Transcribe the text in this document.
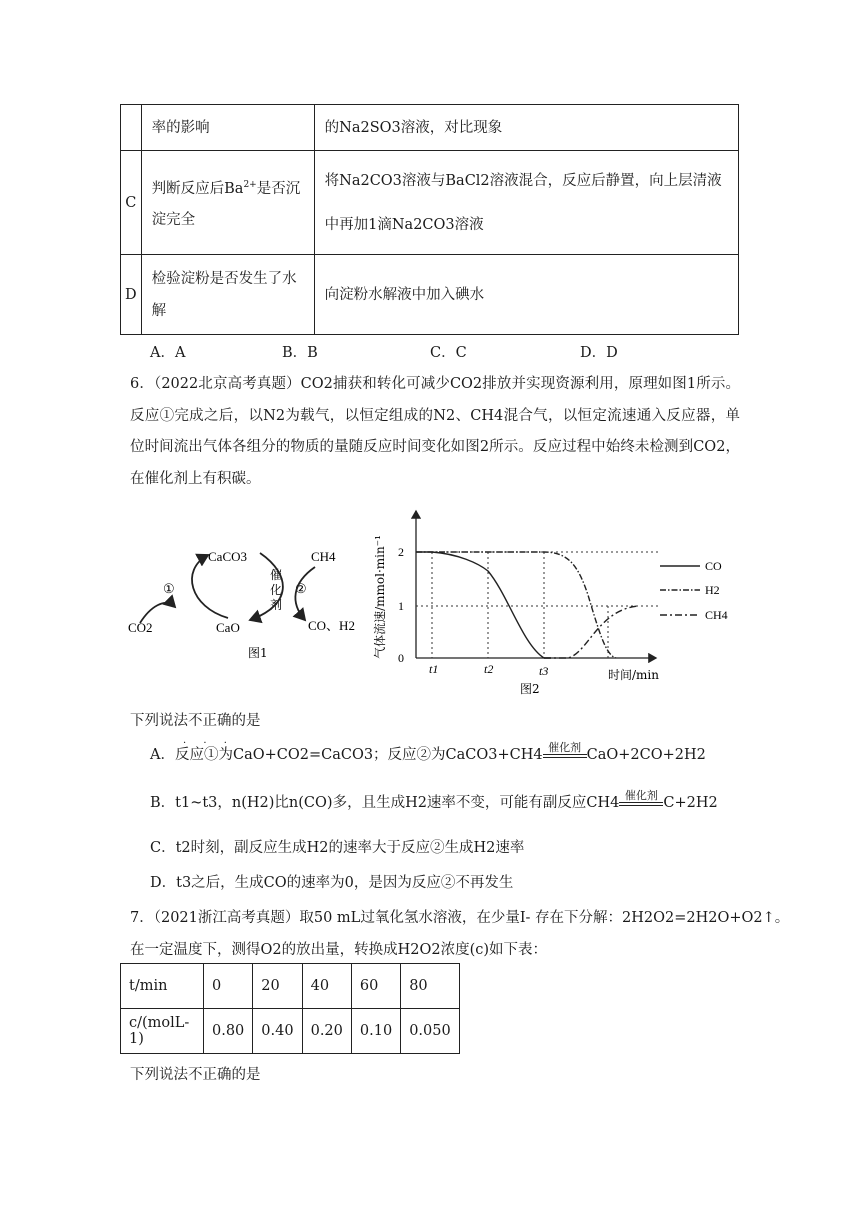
	率的影响	的Na2SO3溶液，对比现象
C	判断反应后$Ba^{2+}$是否沉淀完全	将Na2CO3溶液与BaCl2溶液混合，反应后静置，向上层清液
中再加1滴Na2CO3溶液

D	检验淀粉是否发生了水解	向淀粉水解液中加入碘水
A．A	B．B	C．C	D．D
6．（2022北京高考真题）CO2捕获和转化可减少CO2排放并实现资源利用，原理如图1所示。反应①完成之后，以N2为载气，以恒定组成的N2、CH4混合气，以恒定流速通入反应器，单位时间流出气体各组分的物质的量随反应时间变化如图2所示。反应过程中始终未检测到CO2，在催化剂上有积碳。
CaCO3	CH4
CaO
CO2	CO、H2
①	②
催
化
剂
图1	气体流速/mmol·min⁻¹ 0
1
2
t1	t2	t3	时间/min
图2
CO
H2
CH4
下列说法不正确的是
· · ·
A．反应①为CaO+CO2=CaCO3；反应②为CaCO3+CH4 催化剂 CaO+2CO+2H2
B．t1~t3，n(H2)比n(CO)多，且生成H2速率不变，可能有副反应CH4 催化剂 C+2H2
C．t2时刻，副反应生成H2的速率大于反应②生成H2速率
D．t3之后，生成CO的速率为0，是因为反应②不再发生
7．（2021浙江高考真题）取50 mL过氧化氢水溶液，在少量I- 存在下分解：2H2O2=2H2O+O2↑。
在一定温度下，测得O2的放出量，转换成H2O2浓度(c)如下表：
t/min	0	20	40	60	80
c/(molL-1)	0.80	0.40	0.20	0.10	0.050
下列说法不正确的是
